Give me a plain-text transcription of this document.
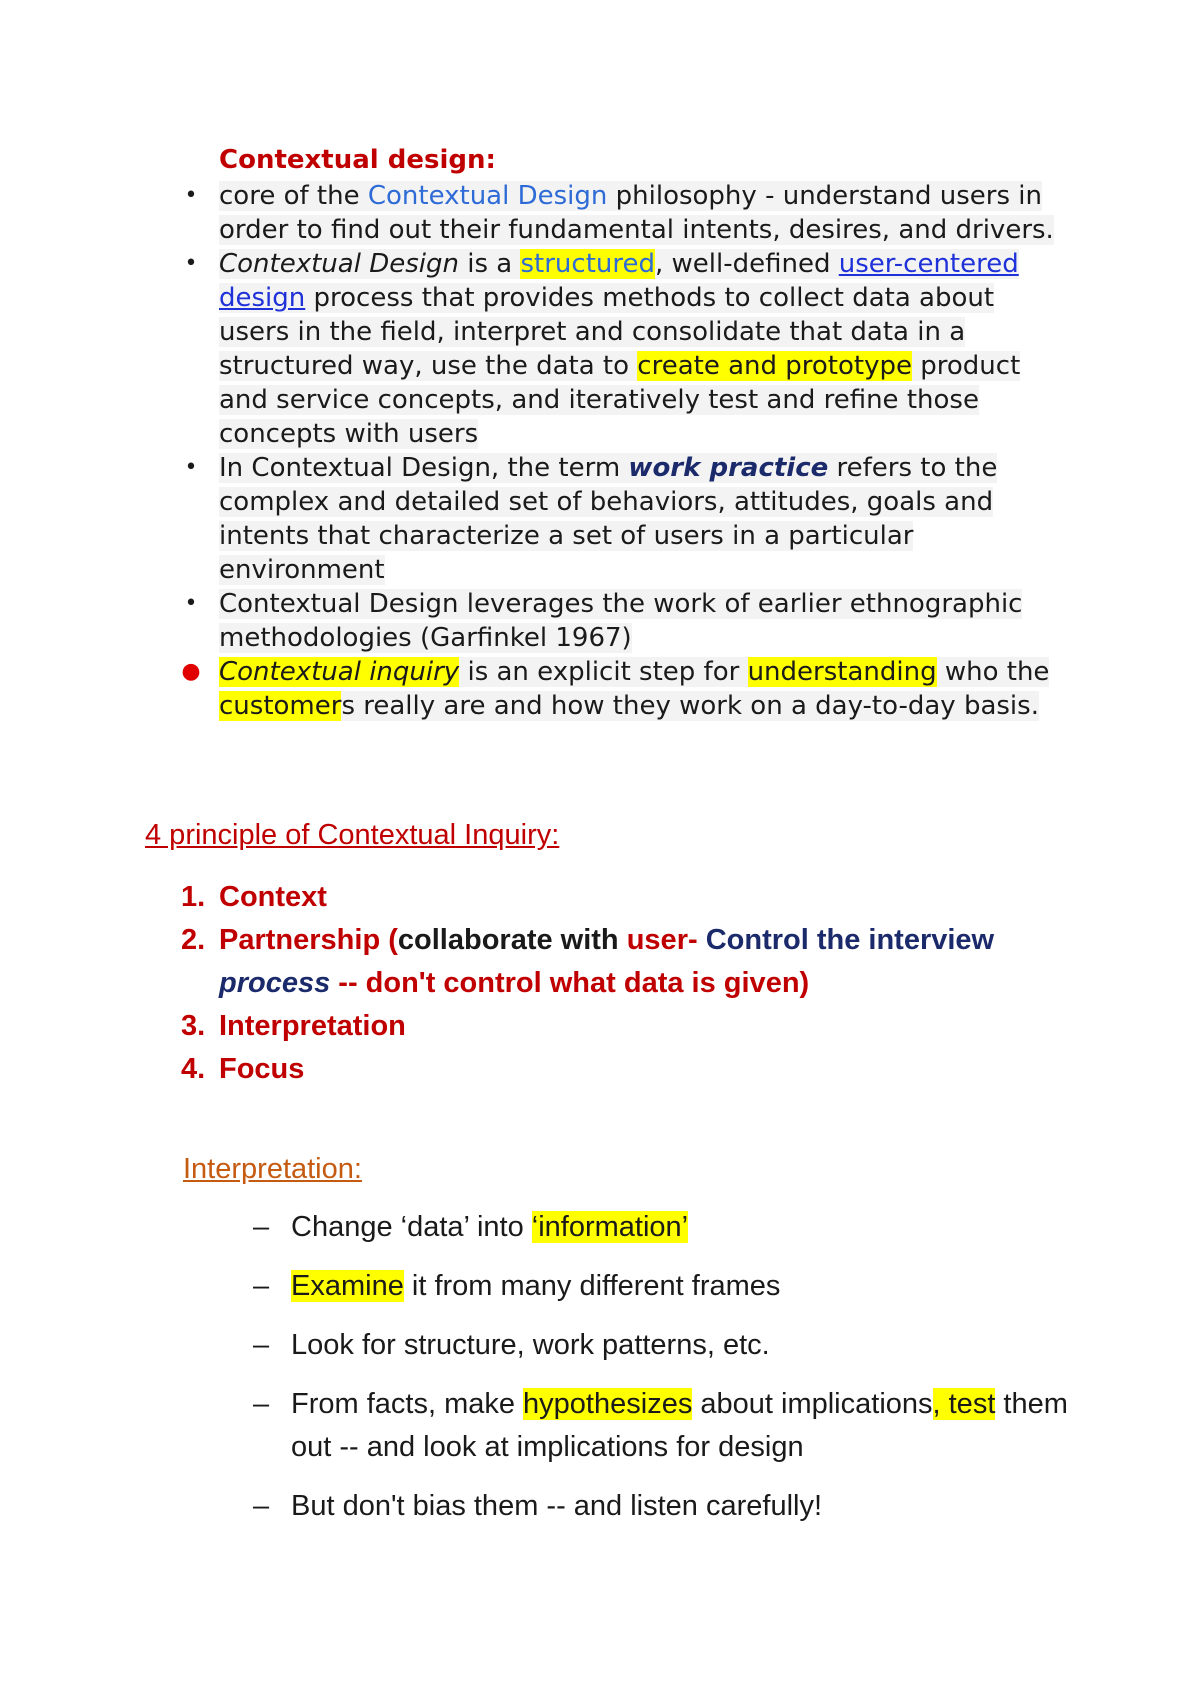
Contextual design:
• core of the Contextual Design philosophy - understand users in order to find out their fundamental intents, desires, and drivers.
• Contextual Design is a structured, well-defined user-centered design process that provides methods to collect data about users in the field, interpret and consolidate that data in a structured way, use the data to create and prototype product and service concepts, and iteratively test and refine those concepts with users
• In Contextual Design, the term work practice refers to the complex and detailed set of behaviors, attitudes, goals and intents that characterize a set of users in a particular environment
• Contextual Design leverages the work of earlier ethnographic methodologies (Garfinkel 1967)
● Contextual inquiry is an explicit step for understanding who the customers really are and how they work on a day-to-day basis.
4 principle of Contextual Inquiry:
1. Context
2. Partnership (collaborate with user- Control the interview process -- don't control what data is given)
3. Interpretation
4. Focus
Interpretation:
– Change ‘data’ into ‘information’
– Examine it from many different frames
– Look for structure, work patterns, etc.
– From facts, make hypothesizes about implications, test them out -- and look at implications for design
– But don't bias them -- and listen carefully!
